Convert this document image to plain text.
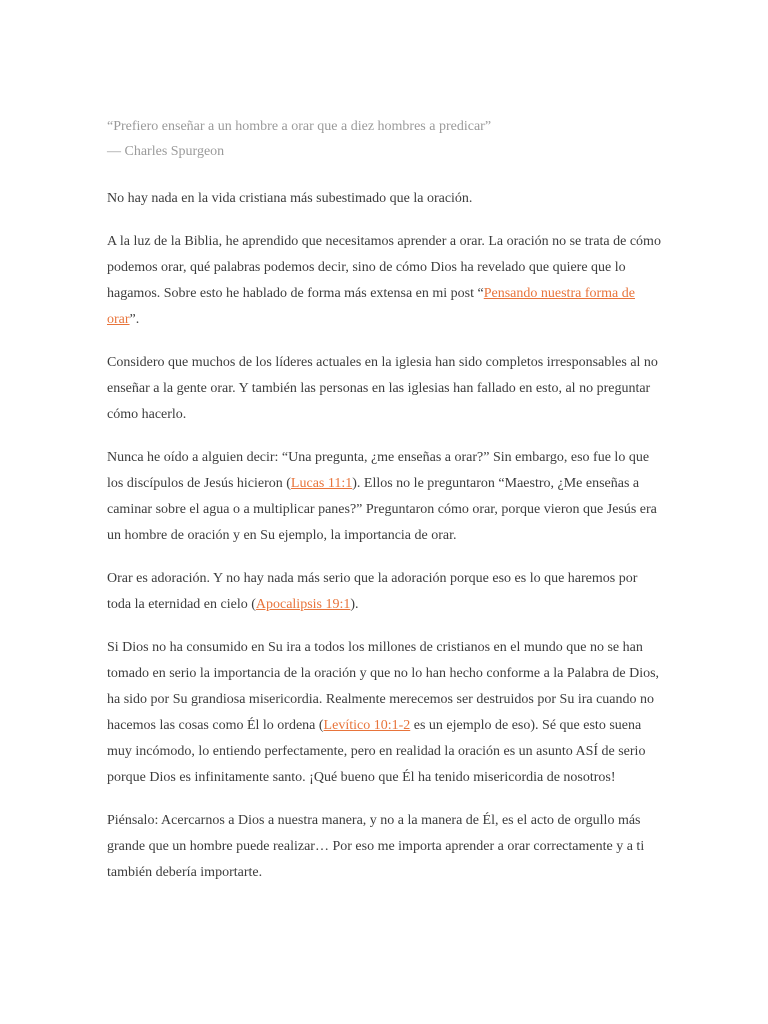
“Prefiero enseñar a un hombre a orar que a diez hombres a predicar”

— Charles Spurgeon

No hay nada en la vida cristiana más subestimado que la oración.

A la luz de la Biblia, he aprendido que necesitamos aprender a orar. La oración no se trata de cómo podemos orar, qué palabras podemos decir, sino de cómo Dios ha revelado que quiere que lo hagamos. Sobre esto he hablado de forma más extensa en mi post “Pensando nuestra forma de orar”.

Considero que muchos de los líderes actuales en la iglesia han sido completos irresponsables al no enseñar a la gente orar. Y también las personas en las iglesias han fallado en esto, al no preguntar cómo hacerlo.

Nunca he oído a alguien decir: “Una pregunta, ¿me enseñas a orar?” Sin embargo, eso fue lo que los discípulos de Jesús hicieron (Lucas 11:1). Ellos no le preguntaron “Maestro, ¿Me enseñas a caminar sobre el agua o a multiplicar panes?” Preguntaron cómo orar, porque vieron que Jesús era un hombre de oración y en Su ejemplo, la importancia de orar.

Orar es adoración. Y no hay nada más serio que la adoración porque eso es lo que haremos por toda la eternidad en cielo (Apocalipsis 19:1).

Si Dios no ha consumido en Su ira a todos los millones de cristianos en el mundo que no se han tomado en serio la importancia de la oración y que no lo han hecho conforme a la Palabra de Dios, ha sido por Su grandiosa misericordia. Realmente merecemos ser destruidos por Su ira cuando no hacemos las cosas como Él lo ordena (Levítico 10:1-2 es un ejemplo de eso). Sé que esto suena muy incómodo, lo entiendo perfectamente, pero en realidad la oración es un asunto ASÍ de serio porque Dios es infinitamente santo. ¡Qué bueno que Él ha tenido misericordia de nosotros!

Piénsalo: Acercarnos a Dios a nuestra manera, y no a la manera de Él, es el acto de orgullo más grande que un hombre puede realizar… Por eso me importa aprender a orar correctamente y a ti también debería importarte.
